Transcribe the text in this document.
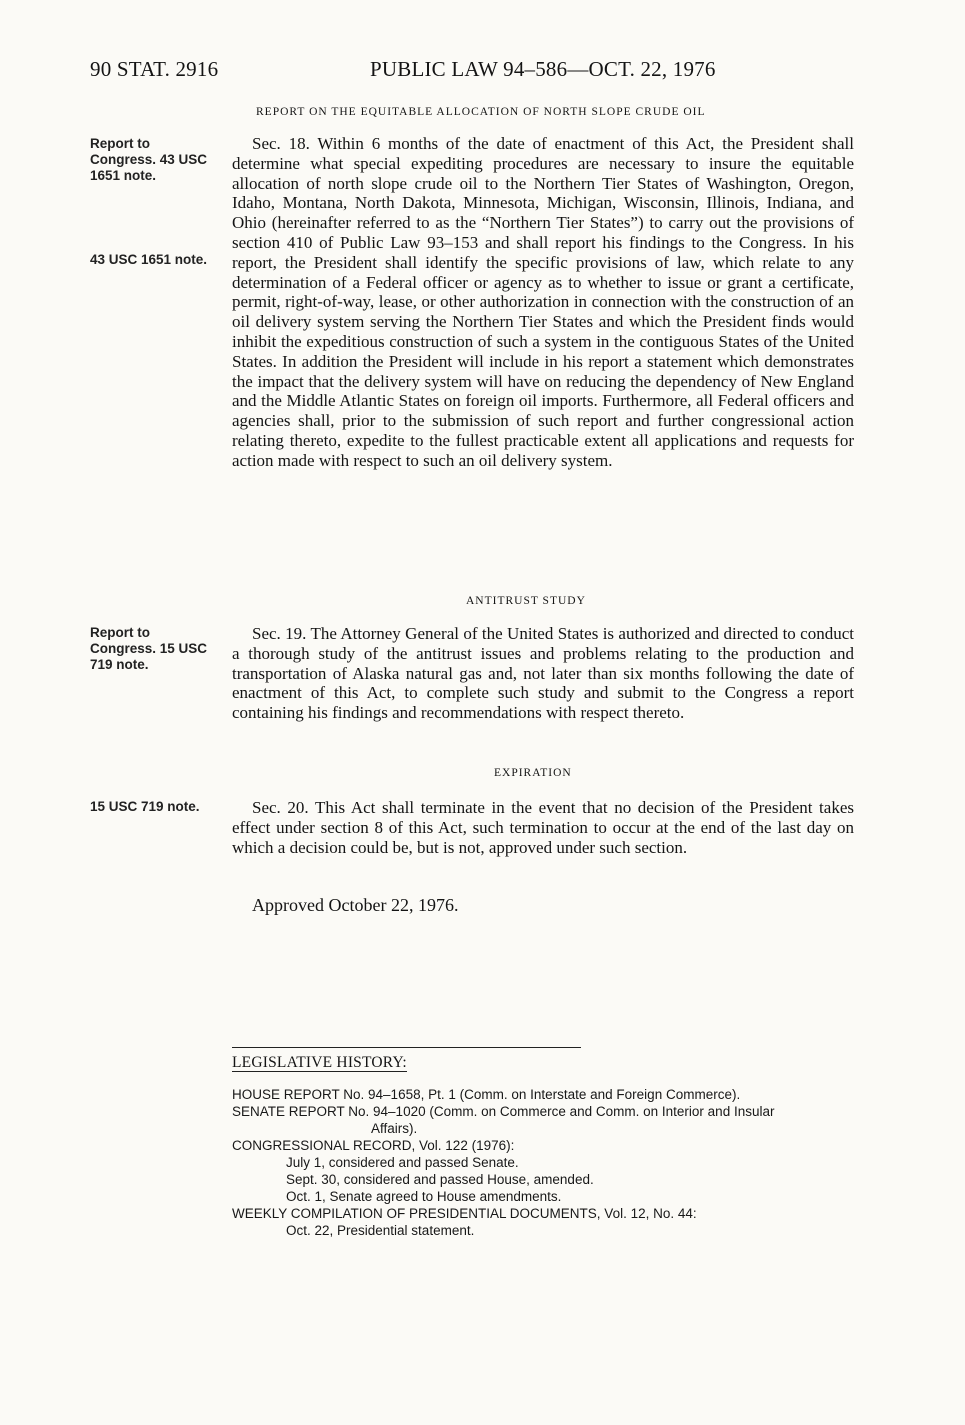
90 STAT. 2916	PUBLIC LAW 94–586—OCT. 22, 1976
REPORT ON THE EQUITABLE ALLOCATION OF NORTH SLOPE CRUDE OIL
Report to Congress. 43 USC 1651 note.
43 USC 1651 note.
Sec. 18. Within 6 months of the date of enactment of this Act, the President shall determine what special expediting procedures are necessary to insure the equitable allocation of north slope crude oil to the Northern Tier States of Washington, Oregon, Idaho, Montana, North Dakota, Minnesota, Michigan, Wisconsin, Illinois, Indiana, and Ohio (hereinafter referred to as the “Northern Tier States”) to carry out the provisions of section 410 of Public Law 93–153 and shall report his findings to the Congress. In his report, the President shall identify the specific provisions of law, which relate to any determination of a Federal officer or agency as to whether to issue or grant a certificate, permit, right-of-way, lease, or other authorization in connection with the construction of an oil delivery system serving the Northern Tier States and which the President finds would inhibit the expeditious construction of such a system in the contiguous States of the United States. In addition the President will include in his report a statement which demonstrates the impact that the delivery system will have on reducing the dependency of New England and the Middle Atlantic States on foreign oil imports. Furthermore, all Federal officers and agencies shall, prior to the submission of such report and further congressional action relating thereto, expedite to the fullest practicable extent all applications and requests for action made with respect to such an oil delivery system.
ANTITRUST STUDY
Report to Congress. 15 USC 719 note.
Sec. 19. The Attorney General of the United States is authorized and directed to conduct a thorough study of the antitrust issues and problems relating to the production and transportation of Alaska natural gas and, not later than six months following the date of enactment of this Act, to complete such study and submit to the Congress a report containing his findings and recommendations with respect thereto.
EXPIRATION
15 USC 719 note.	Sec. 20. This Act shall terminate in the event that no decision of the President takes effect under section 8 of this Act, such termination to occur at the end of the last day on which a decision could be, but is not, approved under such section.
Approved October 22, 1976.
LEGISLATIVE HISTORY:
HOUSE REPORT No. 94–1658, Pt. 1 (Comm. on Interstate and Foreign Commerce).
SENATE REPORT No. 94–1020 (Comm. on Commerce and Comm. on Interior and Insular
Affairs).
CONGRESSIONAL RECORD, Vol. 122 (1976):
July 1, considered and passed Senate.
Sept. 30, considered and passed House, amended.
Oct. 1, Senate agreed to House amendments.
WEEKLY COMPILATION OF PRESIDENTIAL DOCUMENTS, Vol. 12, No. 44:
Oct. 22, Presidential statement.
